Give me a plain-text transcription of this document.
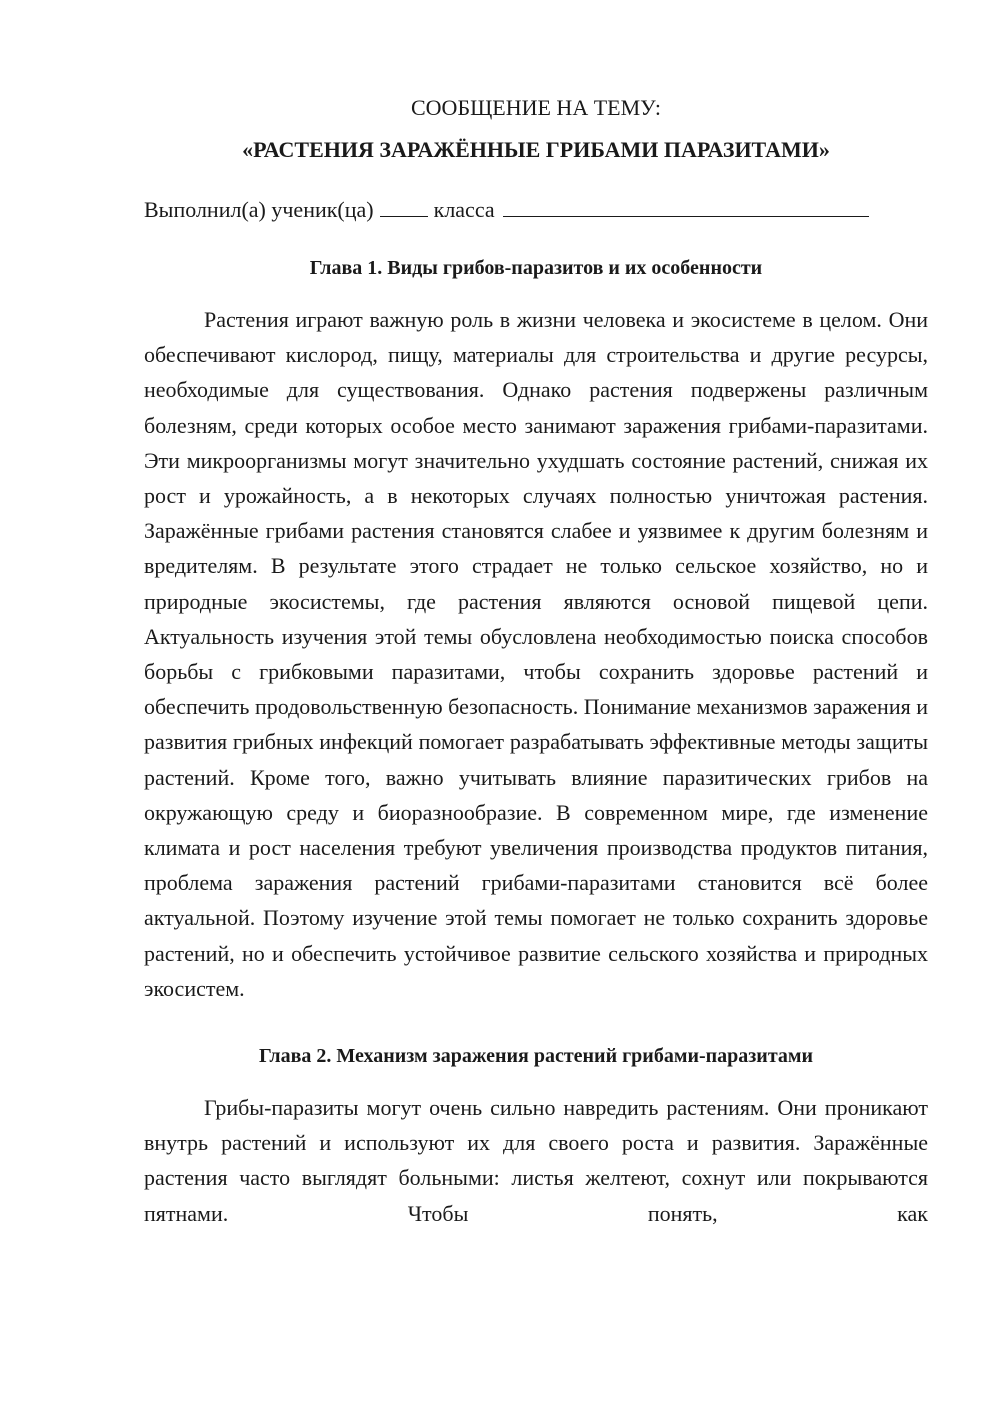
СООБЩЕНИЕ НА ТЕМУ:

«РАСТЕНИЯ ЗАРАЖЁННЫЕ ГРИБАМИ ПАРАЗИТАМИ»

Выполнил(а) ученик(ца)	класса

Глава 1. Виды грибов-паразитов и их особенности

Растения играют важную роль в жизни человека и экосистеме в целом. Они обеспечивают кислород, пищу, материалы для строительства и другие ресурсы, необходимые для существования. Однако растения подвержены различным болезням, среди которых особое место занимают заражения грибами-паразитами. Эти микроорганизмы могут значительно ухудшать состояние растений, снижая их рост и урожайность, а в некоторых случаях полностью уничтожая растения. Заражённые грибами растения становятся слабее и уязвимее к другим болезням и вредителям. В результате этого страдает не только сельское хозяйство, но и природные экосистемы, где растения являются основой пищевой цепи. Актуальность изучения этой темы обусловлена необходимостью поиска способов борьбы с грибковыми паразитами, чтобы сохранить здоровье растений и обеспечить продовольственную безопасность. Понимание механизмов заражения и развития грибных инфекций помогает разрабатывать эффективные методы защиты растений. Кроме того, важно учитывать влияние паразитических грибов на окружающую среду и биоразнообразие. В современном мире, где изменение климата и рост населения требуют увеличения производства продуктов питания, проблема заражения растений грибами-паразитами становится всё более актуальной. Поэтому изучение этой темы помогает не только сохранить здоровье растений, но и обеспечить устойчивое развитие сельского хозяйства и природных экосистем.

Глава 2. Механизм заражения растений грибами-паразитами

Грибы-паразиты могут очень сильно навредить растениям. Они проникают внутрь растений и используют их для своего роста и развития. Заражённые растения часто выглядят больными: листья желтеют, сохнут или покрываются пятнами. Чтобы понять, как
